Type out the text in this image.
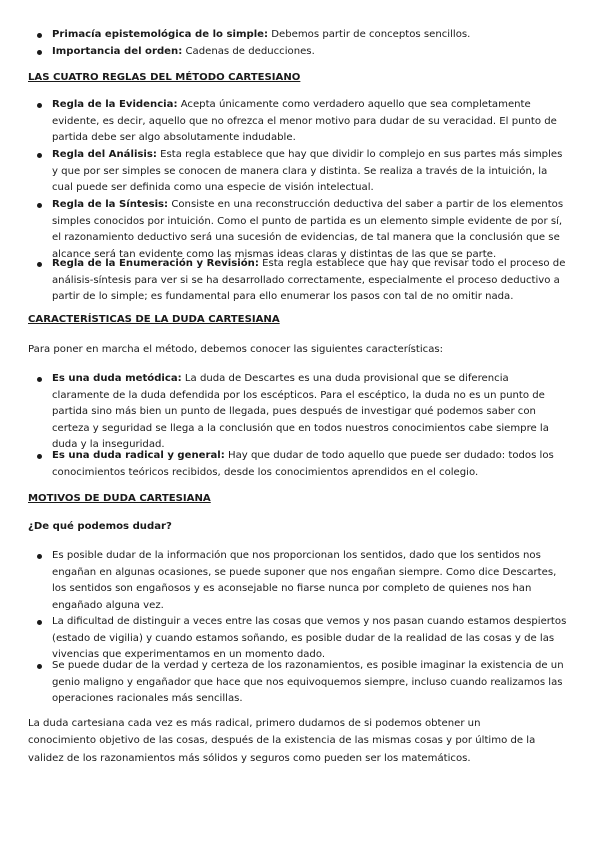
Primacía epistemológica de lo simple: Debemos partir de conceptos sencillos.
Importancia del orden: Cadenas de deducciones.
LAS CUATRO REGLAS DEL MÉTODO CARTESIANO
Regla de la Evidencia: Acepta únicamente como verdadero aquello que sea completamente evidente, es decir, aquello que no ofrezca el menor motivo para dudar de su veracidad. El punto de partida debe ser algo absolutamente indudable.
Regla del Análisis: Esta regla establece que hay que dividir lo complejo en sus partes más simples y que por ser simples se conocen de manera clara y distinta. Se realiza a través de la intuición, la cual puede ser definida como una especie de visión intelectual.
Regla de la Síntesis: Consiste en una reconstrucción deductiva del saber a partir de los elementos simples conocidos por intuición. Como el punto de partida es un elemento simple evidente de por sí, el razonamiento deductivo será una sucesión de evidencias, de tal manera que la conclusión que se alcance será tan evidente como las mismas ideas claras y distintas de las que se parte.
Regla de la Enumeración y Revisión: Esta regla establece que hay que revisar todo el proceso de análisis-síntesis para ver si se ha desarrollado correctamente, especialmente el proceso deductivo a partir de lo simple; es fundamental para ello enumerar los pasos con tal de no omitir nada.
CARACTERÍSTICAS DE LA DUDA CARTESIANA

Para poner en marcha el método, debemos conocer las siguientes características:

Es una duda metódica: La duda de Descartes es una duda provisional que se diferencia claramente de la duda defendida por los escépticos. Para el escéptico, la duda no es un punto de partida sino más bien un punto de llegada, pues después de investigar qué podemos saber con certeza y seguridad se llega a la conclusión que en todos nuestros conocimientos cabe siempre la duda y la inseguridad.
Es una duda radical y general: Hay que dudar de todo aquello que puede ser dudado: todos los conocimientos teóricos recibidos, desde los conocimientos aprendidos en el colegio.
MOTIVOS DE DUDA CARTESIANA
¿De qué podemos dudar?
Es posible dudar de la información que nos proporcionan los sentidos, dado que los sentidos nos engañan en algunas ocasiones, se puede suponer que nos engañan siempre. Como dice Descartes, los sentidos son engañosos y es aconsejable no fiarse nunca por completo de quienes nos han engañado alguna vez.
La dificultad de distinguir a veces entre las cosas que vemos y nos pasan cuando estamos despiertos (estado de vigilia) y cuando estamos soñando, es posible dudar de la realidad de las cosas y de las vivencias que experimentamos en un momento dado.
Se puede dudar de la verdad y certeza de los razonamientos, es posible imaginar la existencia de un genio maligno y engañador que hace que nos equivoquemos siempre, incluso cuando realizamos las operaciones racionales más sencillas.

La duda cartesiana cada vez es más radical, primero dudamos de si podemos obtener un conocimiento objetivo de las cosas, después de la existencia de las mismas cosas y por último de la validez de los razonamientos más sólidos y seguros como pueden ser los matemáticos.
